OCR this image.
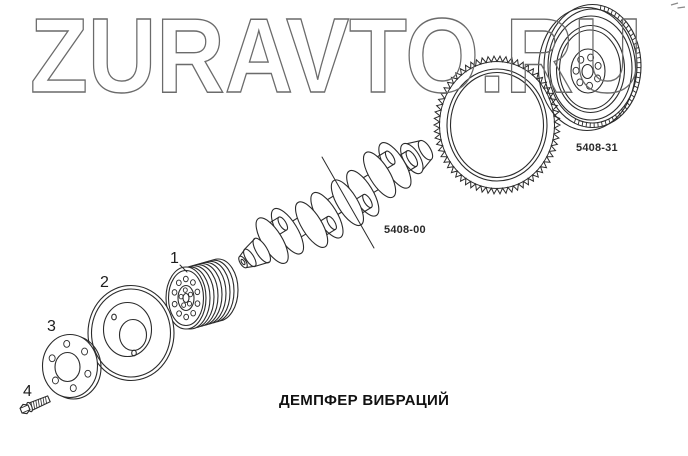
ZURAVTO.RU
1
2
3
4
5408-00
5408-31
ДЕМПФЕР ВИБРАЦИЙ
